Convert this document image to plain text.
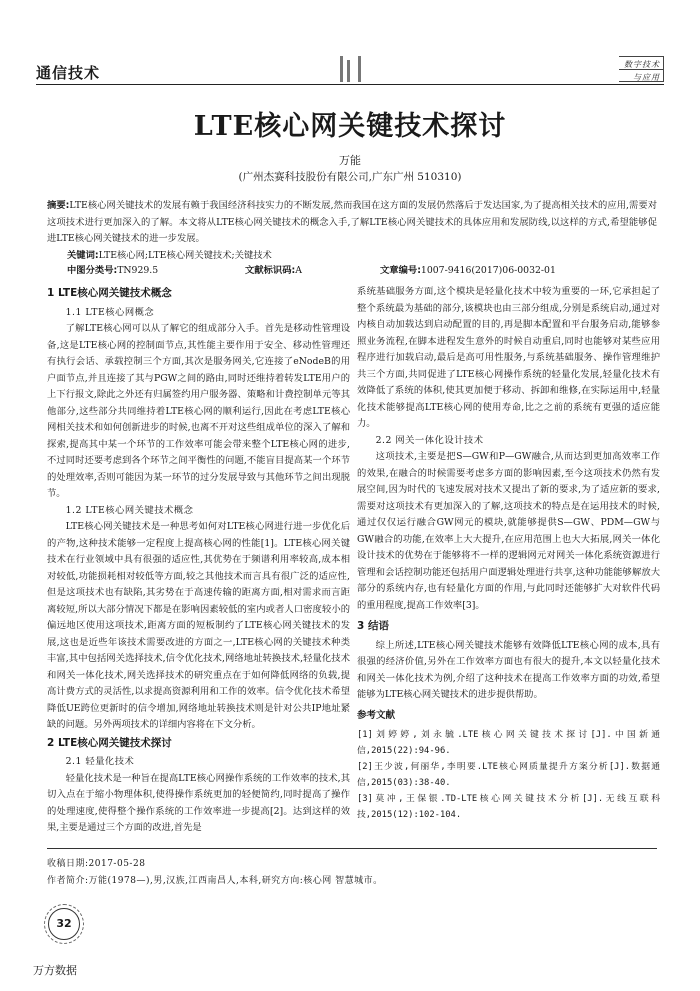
通信技术	数字技术
与应用
LTE核心网关键技术探讨
万能
(广州杰赛科技股份有限公司,广东广州 510310)
摘要:LTE核心网关键技术的发展有赖于我国经济科技实力的不断发展,然而我国在这方面的发展仍然落后于发达国家,为了提高相关技术的应用,需要对这项技术进行更加深入的了解。本文将从LTE核心网关键技术的概念入手,了解LTE核心网关键技术的具体应用和发展防线,以这样的方式,希望能够促进LTE核心网关键技术的进一步发展。
关键词:LTE核心网;LTE核心网关键技术;关键技术
中图分类号:TN929.5	文献标识码:A	文章编号:1007-9416(2017)06-0032-01
1 LTE核心网关键技术概念
1.1 LTE核心网概念

了解LTE核心网可以从了解它的组成部分入手。首先是移动性管理设备,这是LTE核心网的控制面节点,其性能主要作用于安全、移动性管理还有执行会话、承载控制三个方面,其次是服务网关,它连接了eNodeB的用户面节点,并且连接了其与PGW之间的路由,同时还维持着转发LTE用户的上下行报文,除此之外还有归属签约用户服务器、策略和计费控制单元等其他部分,这些部分共同维持着LTE核心网的顺利运行,因此在考虑LTE核心网相关技术和如何创新进步的时候,也离不开对这些组成单位的深入了解和探索,提高其中某一个环节的工作效率可能会带来整个LTE核心网的进步,不过同时还要考虑到各个环节之间平衡性的问题,不能盲目提高某一个环节的处理效率,否则可能因为某一环节的过分发展导致与其他环节之间出现脱节。

1.2 LTE核心网关键技术概念

LTE核心网关键技术是一种思考如何对LTE核心网进行进一步优化后的产物,这种技术能够一定程度上提高核心网的性能[1]。LTE核心网关键技术在行业领域中具有很强的适应性,其优势在于频谱利用率较高,成本相对较低,功能损耗相对较低等方面,较之其他技术而言具有很广泛的适应性,但是这项技术也有缺陷,其劣势在于高速传输的距离方面,相对需求而言距离较短,所以大部分情况下都是在影响因素较低的室内或者人口密度较小的偏远地区使用这项技术,距离方面的短板制约了LTE核心网关键技术的发展,这也是近些年该技术需要改进的方面之一,LTE核心网的关键技术种类丰富,其中包括网关选择技术,信令优化技术,网络地址转换技术,轻量化技术和网关一体化技术,网关选择技术的研究重点在于如何降低网络的负载,提高计费方式的灵活性,以求提高资源利用和工作的效率。信令优化技术希望降低UE跨位更新时的信令增加,网络地址转换技术则是针对公共IP地址紧缺的问题。另外两项技术的详细内容将在下文分析。

2 LTE核心网关键技术探讨
2.1 轻量化技术

轻量化技术是一种旨在提高LTE核心网操作系统的工作效率的技术,其切入点在于缩小物理体积,使得操作系统更加的轻便简约,同时提高了操作的处理速度,使得整个操作系统的工作效率进一步提高[2]。达到这样的效果,主要是通过三个方面的改进,首先是

系统基础服务方面,这个模块是轻量化技术中较为重要的一环,它承担起了整个系统最为基础的部分,该模块也由三部分组成,分别是系统启动,通过对内核自动加载达到启动配置的目的,再是脚本配置和平台服务启动,能够参照业务流程,在脚本进程发生意外的时候自动重启,同时也能够对某些应用程序进行加载启动,最后是高可用性服务,与系统基础服务、操作管理维护共三个方面,共同促进了LTE核心网操作系统的轻量化发展,轻量化技术有效降低了系统的体积,使其更加便于移动、拆卸和维修,在实际运用中,轻量化技术能够提高LTE核心网的使用寿命,比之之前的系统有更强的适应能力。

2.2 网关一体化设计技术

这项技术,主要是把S—GW和P—GW融合,从而达到更加高效率工作的效果,在融合的时候需要考虑多方面的影响因素,至今这项技术仍然有发展空间,因为时代的飞速发展对技术又提出了新的要求,为了适应新的要求,需要对这项技术有更加深入的了解,这项技术的特点是在运用技术的时候,通过仅仅运行融合GW网元的模块,就能够提供S—GW、PDM—GW与GW融合的功能,在效率上大大提升,在应用范围上也大大拓展,网关一体化设计技术的优势在于能够将不一样的逻辑网元对网关一体化系统资源进行管理和会话控制功能还包括用户面逻辑处理进行共享,这种功能能够解放大部分的系统内存,也有轻量化方面的作用,与此同时还能够扩大对软件代码的重用程度,提高工作效率[3]。

3 结语

综上所述,LTE核心网关键技术能够有效降低LTE核心网的成本,具有很强的经济价值,另外在工作效率方面也有很大的提升,本文以轻量化技术和网关一体化技术为例,介绍了这种技术在提高工作效率方面的功效,希望能够为LTE核心网关键技术的进步提供帮助。

参考文献
[1]刘婷婷,刘永毓.LTE核心网关键技术探讨[J].中国新通信,2015(22):94-96.
[2]王少波,何丽华,李明要.LTE核心网质量提升方案分析[J].数据通信,2015(03):38-40.
[3]莫冲,王保银.TD-LTE核心网关键技术分析[J].无线互联科技,2015(12):102-104.
收稿日期:2017-05-28
作者简介:万能(1978—),男,汉族,江西南昌人,本科,研究方向:核心网 智慧城市。
32
万方数据
